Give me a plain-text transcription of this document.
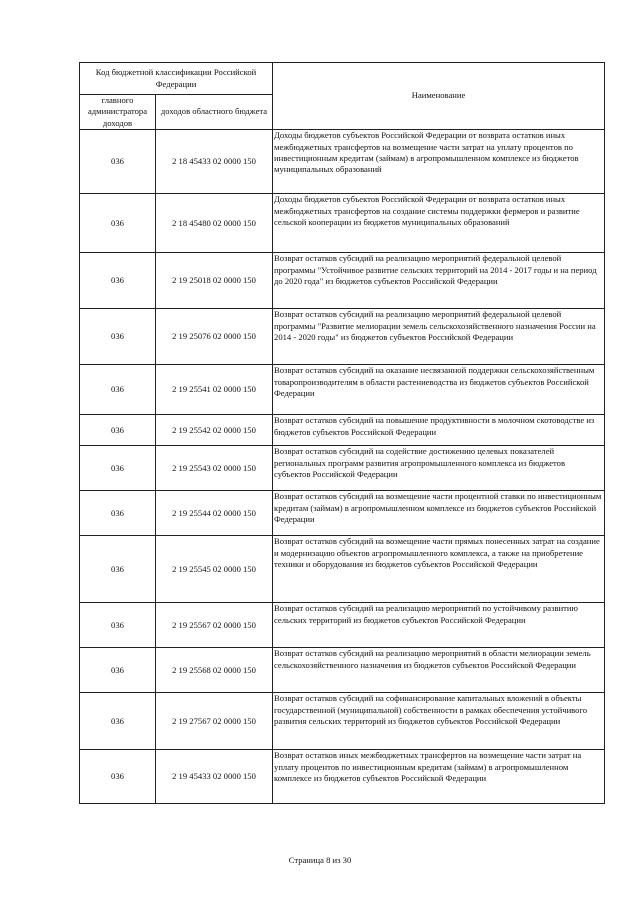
Код бюджетной классификации Российской Федерации		Наименование
главного администратора доходов	доходов областного бюджета	
036	2 18 45433 02 0000 150	Доходы бюджетов субъектов Российской Федерации от возврата остатков иных межбюджетных трансфертов на возмещение части затрат на уплату процентов по инвестиционным кредитам (займам) в агропромышленном комплексе из бюджетов муниципальных образований
036	2 18 45480 02 0000 150	Доходы бюджетов субъектов Российской Федерации от возврата остатков иных межбюджетных трансфертов на создание системы поддержки фермеров и развитие сельской кооперации из бюджетов муниципальных образований
036	2 19 25018 02 0000 150	Возврат остатков субсидий на реализацию мероприятий федеральной целевой программы "Устойчивое развитие сельских территорий на 2014 - 2017 годы и на период до 2020 года" из бюджетов субъектов Российской Федерации
036	2 19 25076 02 0000 150	Возврат остатков субсидий на реализацию мероприятий федеральной целевой программы "Развитие мелиорации земель сельскохозяйственного назначения России на 2014 - 2020 годы" из бюджетов субъектов Российской Федерации
036	2 19 25541 02 0000 150	Возврат остатков субсидий на оказание несвязанной поддержки сельскохозяйственным товаропроизводителям в области растениеводства из бюджетов субъектов Российской Федерации
036	2 19 25542 02 0000 150	Возврат остатков субсидий на повышение продуктивности в молочном скотоводстве из бюджетов субъектов Российской Федерации
036	2 19 25543 02 0000 150	Возврат остатков субсидий на содействие достижению целевых показателей региональных программ развития агропромышленного комплекса из бюджетов субъектов Российской Федерации
036	2 19 25544 02 0000 150	Возврат остатков субсидий на возмещение части процентной ставки по инвестиционным кредитам (займам) в агропромышленном комплексе из бюджетов субъектов Российской Федерации
036	2 19 25545 02 0000 150	Возврат остатков субсидий на возмещение части прямых понесенных затрат на создание и модернизацию объектов агропромышленного комплекса, а также на приобретение техники и оборудования из бюджетов субъектов Российской Федерации
036	2 19 25567 02 0000 150	Возврат остатков субсидий на реализацию мероприятий по устойчивому развитию сельских территорий из бюджетов субъектов Российской Федерации
036	2 19 25568 02 0000 150	Возврат остатков субсидий на реализацию мероприятий в области мелиорации земель сельскохозяйственного назначения из бюджетов субъектов Российской Федерации
036	2 19 27567 02 0000 150	Возврат остатков субсидий на софинансирование капитальных вложений в объекты государственной (муниципальной) собственности в рамках обеспечения устойчивого развития сельских территорий из бюджетов субъектов Российской Федерации
036	2 19 45433 02 0000 150	Возврат остатков иных межбюджетных трансфертов на возмещение части затрат на уплату процентов по инвестиционным кредитам (займам) в агропромышленном комплексе из бюджетов субъектов Российской Федерации
Страница 8 из 30
